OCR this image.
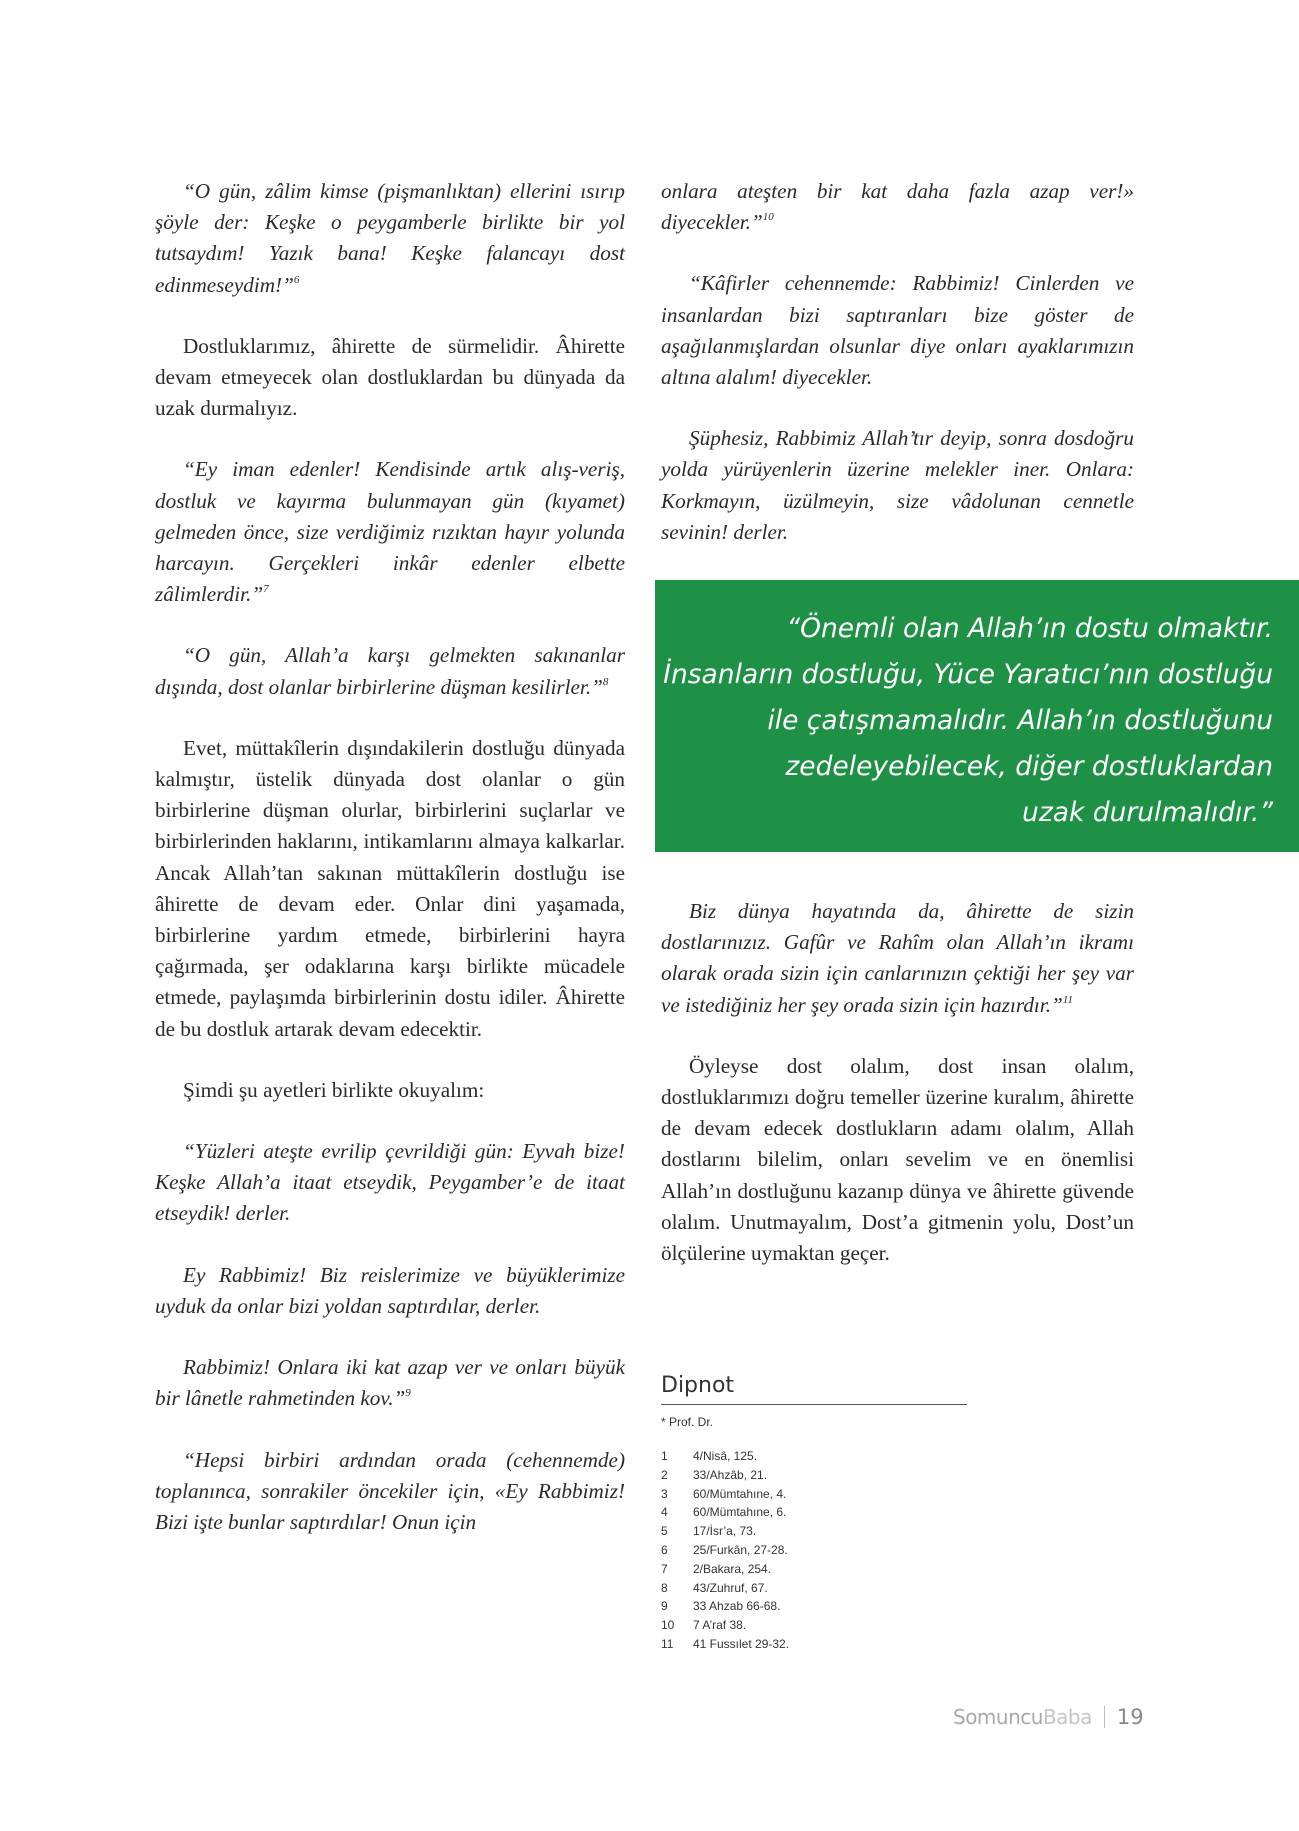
“O gün, zâlim kimse (pişmanlıktan) ellerini ısırıp şöyle der: Keşke o peygamberle birlikte bir yol tutsaydım! Yazık bana! Keşke falancayı dost edinmeseydim!”$^6$

Dostluklarımız, âhirette de sürmelidir. Âhirette devam etmeyecek olan dostluklardan bu dünyada da uzak durmalıyız.

“Ey iman edenler! Kendisinde artık alış-veriş, dostluk ve kayırma bulunmayan gün (kıyamet) gelmeden önce, size verdiğimiz rızıktan hayır yolunda harcayın. Gerçekleri inkâr edenler elbette zâlimlerdir.”$^7$

“O gün, Allah’a karşı gelmekten sakınanlar dışında, dost olanlar birbirlerine düşman kesilirler.”$^8$

Evet, müttakîlerin dışındakilerin dostluğu dünyada kalmıştır, üstelik dünyada dost olanlar o gün birbirlerine düşman olurlar, birbirlerini suçlarlar ve birbirlerinden haklarını, intikamlarını almaya kalkarlar. Ancak Allah’tan sakınan müttakîlerin dostluğu ise âhirette de devam eder. Onlar dini yaşamada, birbirlerine yardım etmede, birbirlerini hayra çağırmada, şer odaklarına karşı birlikte mücadele etmede, paylaşımda birbirlerinin dostu idiler. Âhirette de bu dostluk artarak devam edecektir.

Şimdi şu ayetleri birlikte okuyalım:

“Yüzleri ateşte evrilip çevrildiği gün: Eyvah bize! Keşke Allah’a itaat etseydik, Peygamber’e de itaat etseydik! derler.

Ey Rabbimiz! Biz reislerimize ve büyüklerimize uyduk da onlar bizi yoldan saptırdılar, derler.

Rabbimiz! Onlara iki kat azap ver ve onları büyük bir lânetle rahmetinden kov.”$^9$

“Hepsi birbiri ardından orada (cehennemde) toplanınca, sonrakiler öncekiler için, «Ey Rabbimiz! Bizi işte bunlar saptırdılar! Onun için

onlara ateşten bir kat daha fazla azap ver!» diyecekler.”$^{10}$

“Kâfirler cehennemde: Rabbimiz! Cinlerden ve insanlardan bizi saptıranları bize göster de aşağılanmışlardan olsunlar diye onları ayaklarımızın altına alalım! diyecekler.

Şüphesiz, Rabbimiz Allah’tır deyip, sonra dosdoğru yolda yürüyenlerin üzerine melekler iner. Onlara: Korkmayın, üzülmeyin, size vâdolunan cennetle sevinin! derler.

“Önemli olan Allah’ın dostu olmaktır.
İnsanların dostluğu, Yüce Yaratıcı’nın dostluğu
ile çatışmamalıdır. Allah’ın dostluğunu
zedeleyebilecek, diğer dostluklardan
uzak durulmalıdır.”

Biz dünya hayatında da, âhirette de sizin dostlarınızız. Gafûr ve Rahîm olan Allah’ın ikramı olarak orada sizin için canlarınızın çektiği her şey var ve istediğiniz her şey orada sizin için hazırdır.”$^{11}$

Öyleyse dost olalım, dost insan olalım, dostluklarımızı doğru temeller üzerine kuralım, âhirette de devam edecek dostlukların adamı olalım, Allah dostlarını bilelim, onları sevelim ve en önemlisi Allah’ın dostluğunu kazanıp dünya ve âhirette güvende olalım. Unutmayalım, Dost’a gitmenin yolu, Dost’un ölçülerine uymaktan geçer.

Dipnot
* Prof. Dr.
1	4/Nisâ, 125.
2	33/Ahzâb, 21.
3	60/Mümtahıne, 4.
4	60/Mümtahıne, 6.
5	17/İsr’a, 73.
6	25/Furkân, 27-28.
7	2/Bakara, 254.
8	43/Zuhruf, 67.
9	33 Ahzab 66-68.
10	7 A’raf 38.
11	41 Fussılet 29-32.
Somuncu Baba 19
